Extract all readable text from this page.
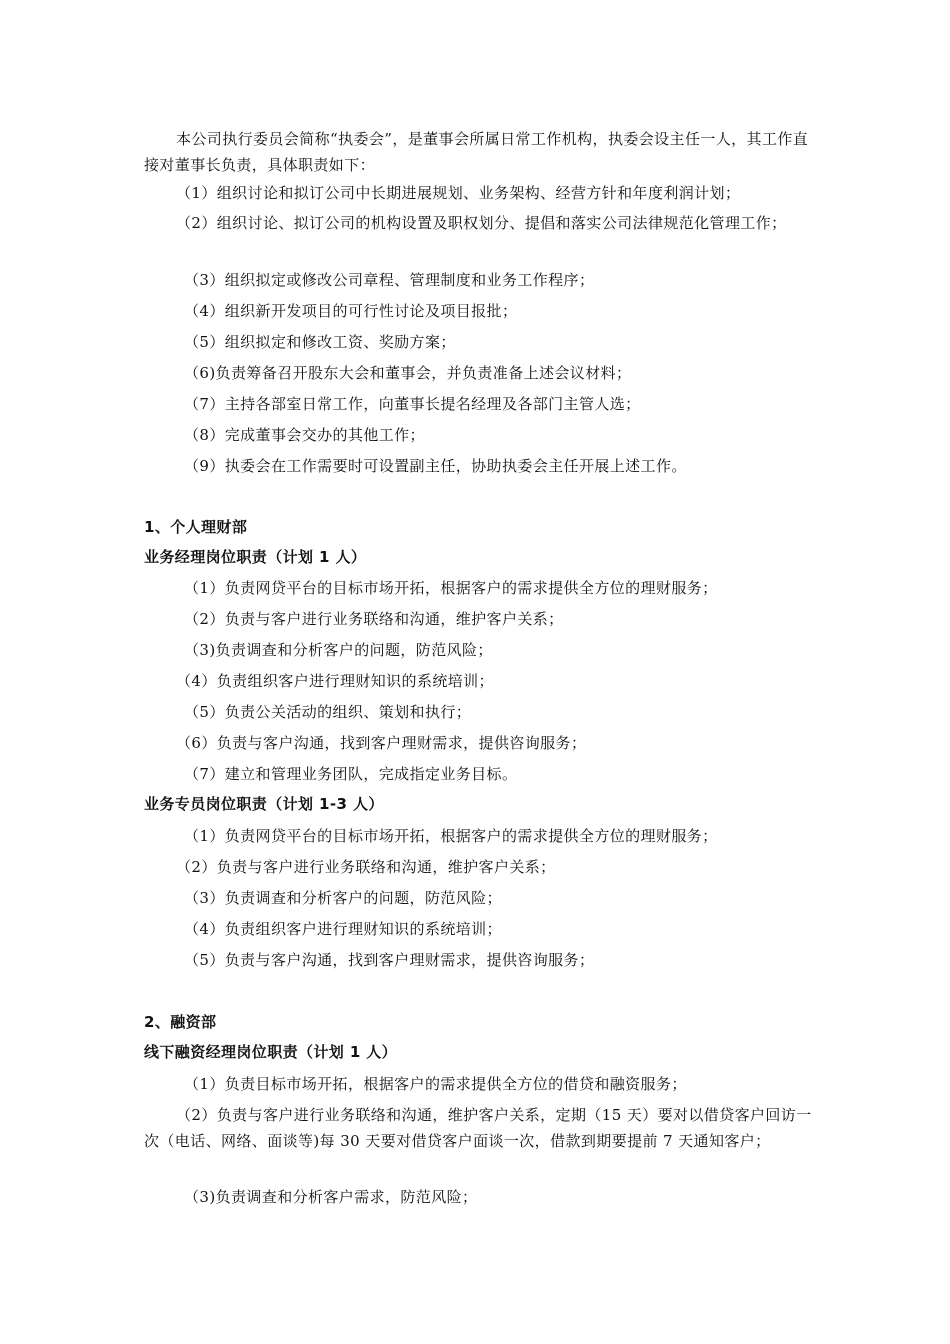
本公司执行委员会简称“执委会”，是董事会所属日常工作机构，执委会设主任一人，其工作直接对董事长负责，具体职责如下：
（1）组织讨论和拟订公司中长期进展规划、业务架构、经营方针和年度利润计划；
（2）组织讨论、拟订公司的机构设置及职权划分、提倡和落实公司法律规范化管理工作；
（3）组织拟定或修改公司章程、管理制度和业务工作程序；
（4）组织新开发项目的可行性讨论及项目报批；
（5）组织拟定和修改工资、奖励方案；
（6)负责筹备召开股东大会和董事会，并负责准备上述会议材料；
（7）主持各部室日常工作，向董事长提名经理及各部门主管人选；
（8）完成董事会交办的其他工作；
（9）执委会在工作需要时可设置副主任，协助执委会主任开展上述工作。
1、个人理财部
业务经理岗位职责（计划 1 人）
（1）负责网贷平台的目标市场开拓，根据客户的需求提供全方位的理财服务；
（2）负责与客户进行业务联络和沟通，维护客户关系；
（3)负责调查和分析客户的问题，防范风险；
（4）负责组织客户进行理财知识的系统培训；
（5）负责公关活动的组织、策划和执行；
（6）负责与客户沟通，找到客户理财需求，提供咨询服务；
（7）建立和管理业务团队，完成指定业务目标。
业务专员岗位职责（计划 1-3 人）
（1）负责网贷平台的目标市场开拓，根据客户的需求提供全方位的理财服务；
（2）负责与客户进行业务联络和沟通，维护客户关系；
（3）负责调查和分析客户的问题，防范风险；
（4）负责组织客户进行理财知识的系统培训；
（5）负责与客户沟通，找到客户理财需求，提供咨询服务；
2、融资部
线下融资经理岗位职责（计划 1 人）
（1）负责目标市场开拓，根据客户的需求提供全方位的借贷和融资服务；
（2）负责与客户进行业务联络和沟通，维护客户关系，定期（15 天）要对以借贷客户回访一次（电话、网络、面谈等)每 30 天要对借贷客户面谈一次，借款到期要提前 7 天通知客户；
（3)负责调查和分析客户需求，防范风险；
